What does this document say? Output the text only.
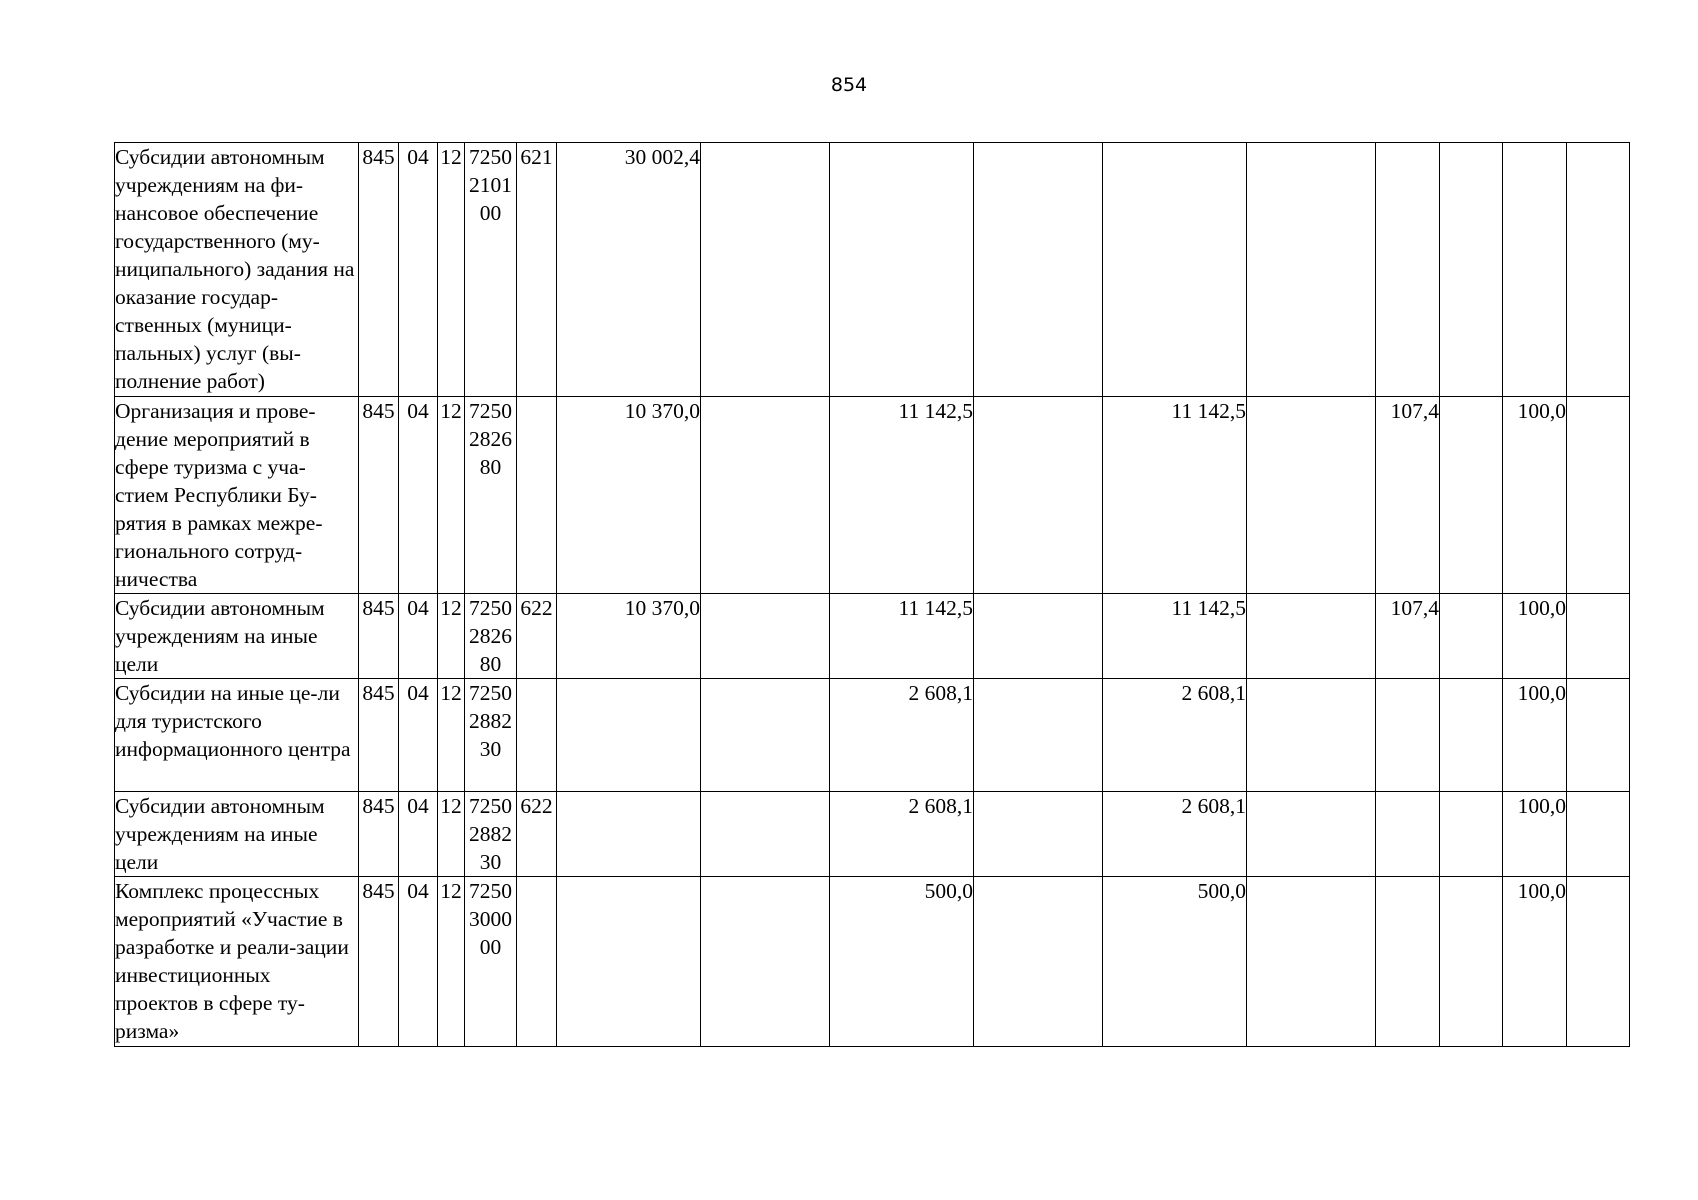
854
Субсидии автономным учреждениям на фи-нансовое обеспечение государственного (му-ниципального) задания на оказание государ-ственных (муници-пальных) услуг (вы-полнение работ)	845	04	12	7250 2101 00	621	30 002,4									
Организация и прове-дение мероприятий в сфере туризма с уча-стием Республики Бу-рятия в рамках межре-гионального сотруд-ничества	845	04	12	7250 2826 80		10 370,0		11 142,5		11 142,5		107,4		100,0	
Субсидии автономным учреждениям на иные цели	845	04	12	7250 2826 80	622	10 370,0		11 142,5		11 142,5		107,4		100,0	
Субсидии на иные це-ли для туристского информационного центра	845	04	12	7250 2882 30				2 608,1		2 608,1				100,0	
Субсидии автономным учреждениям на иные цели	845	04	12	7250 2882 30	622			2 608,1		2 608,1				100,0	
Комплекс процессных мероприятий «Участие в разработке и реали-зации инвестиционных проектов в сфере ту-ризма»	845	04	12	7250 3000 00				500,0		500,0				100,0	
